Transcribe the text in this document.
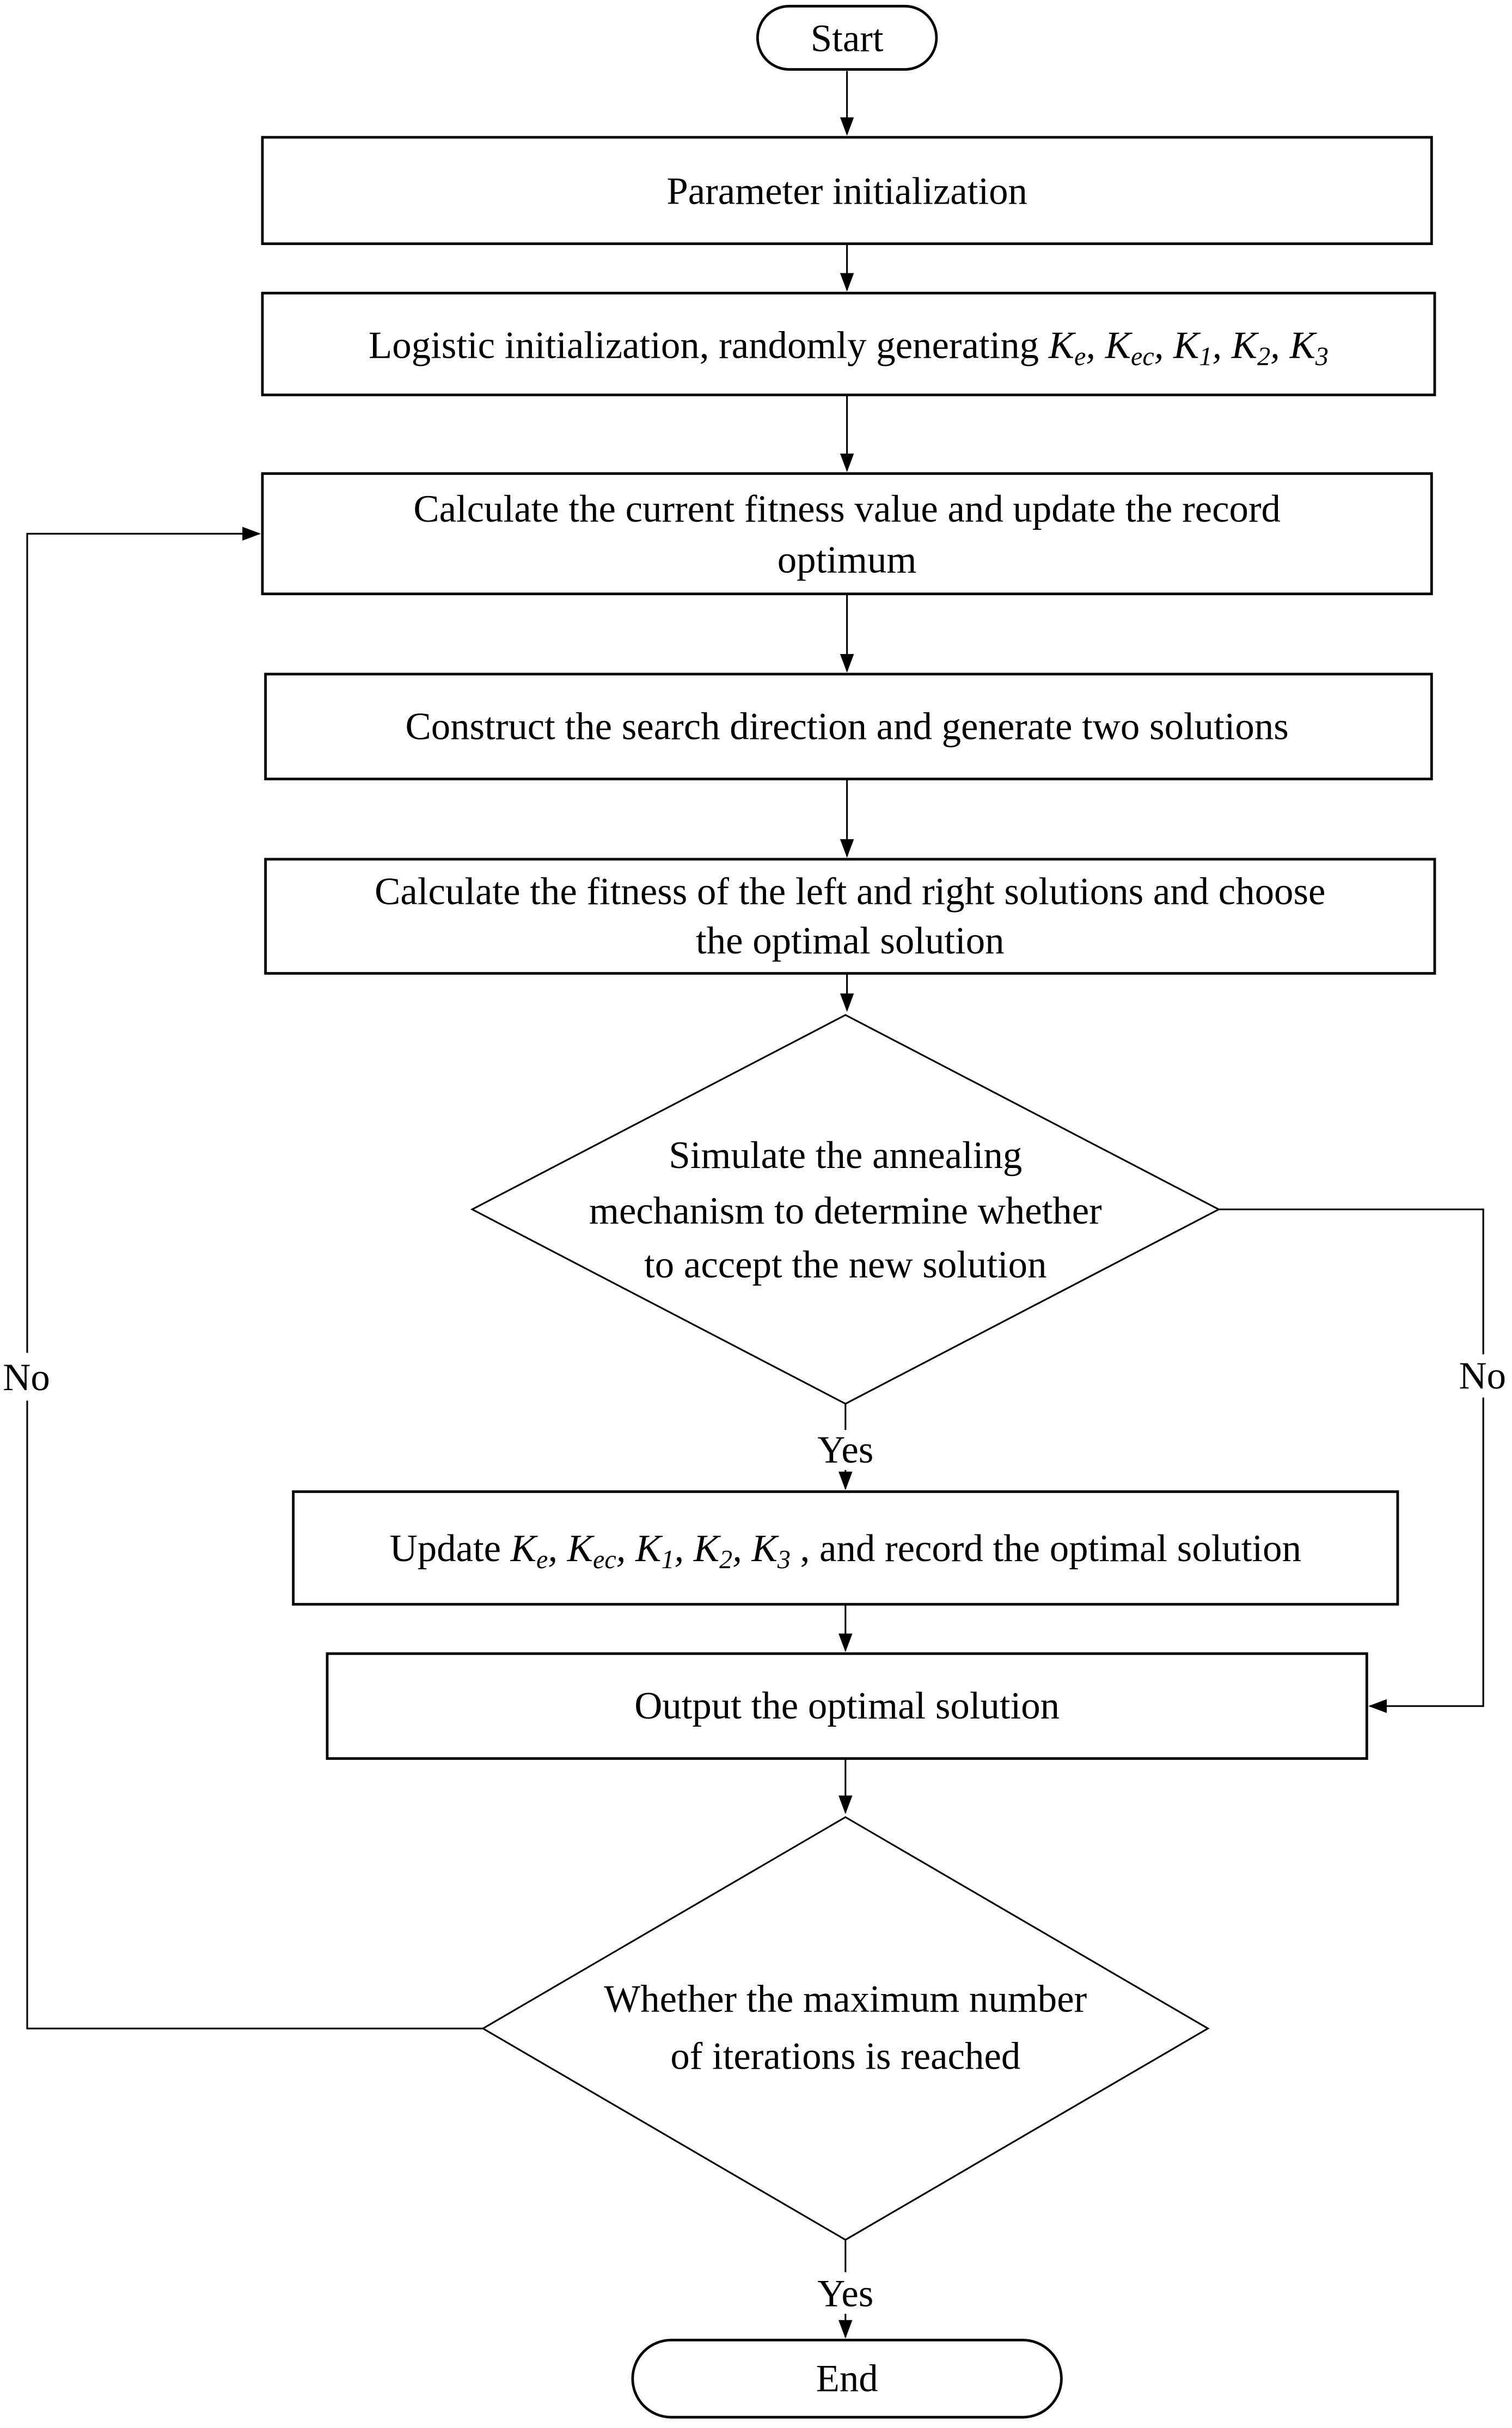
Start
Parameter initialization
Logistic initialization, randomly generating $K_e$, $K_{ec}$, $K_1$, $K_2$, $K_3$
Calculate the current fitness value and update the record
optimum
Construct the search direction and generate two solutions
Calculate the fitness of the left and right solutions and choose
the optimal solution
Simulate the annealing
mechanism to determine whether
to accept the new solution
Yes
No
Update $K_e$, $K_{ec}$, $K_1$, $K_2$, $K_3$ , and record the optimal solution
Output the optimal solution
Whether the maximum number
of iterations is reached
Yes
No
End
